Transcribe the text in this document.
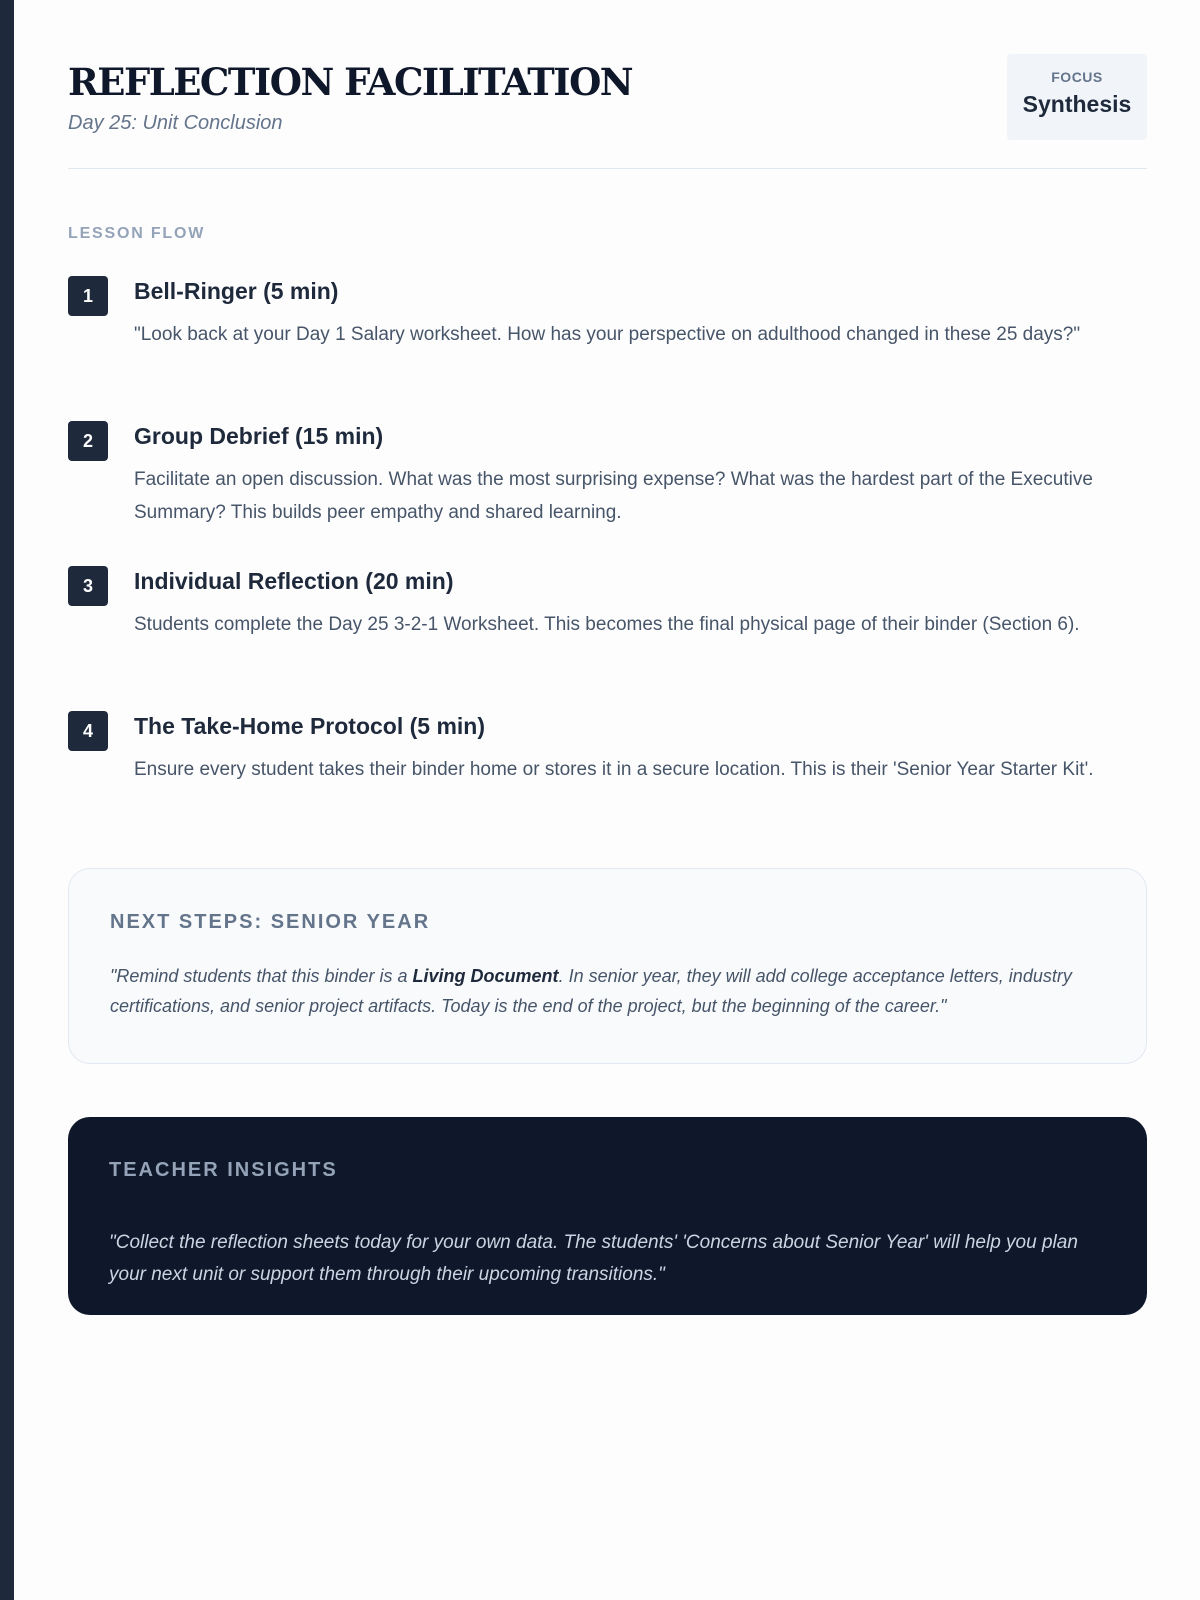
REFLECTION FACILITATION
Day 25: Unit Conclusion
FOCUS
Synthesis
LESSON FLOW
1	Bell-Ringer (5 min)

"Look back at your Day 1 Salary worksheet. How has your perspective on adulthood changed in these 25 days?"

2	Group Debrief (15 min)

Facilitate an open discussion. What was the most surprising expense? What was the hardest part of the Executive Summary? This builds peer empathy and shared learning.

3	Individual Reflection (20 min)

Students complete the Day 25 3-2-1 Worksheet. This becomes the final physical page of their binder (Section 6).

4	The Take-Home Protocol (5 min)

Ensure every student takes their binder home or stores it in a secure location. This is their 'Senior Year Starter Kit'.

NEXT STEPS: SENIOR YEAR

"Remind students that this binder is a Living Document. In senior year, they will add college acceptance letters, industry certifications, and senior project artifacts. Today is the end of the project, but the beginning of the career."

TEACHER INSIGHTS

"Collect the reflection sheets today for your own data. The students' 'Concerns about Senior Year' will help you plan your next unit or support them through their upcoming transitions."
